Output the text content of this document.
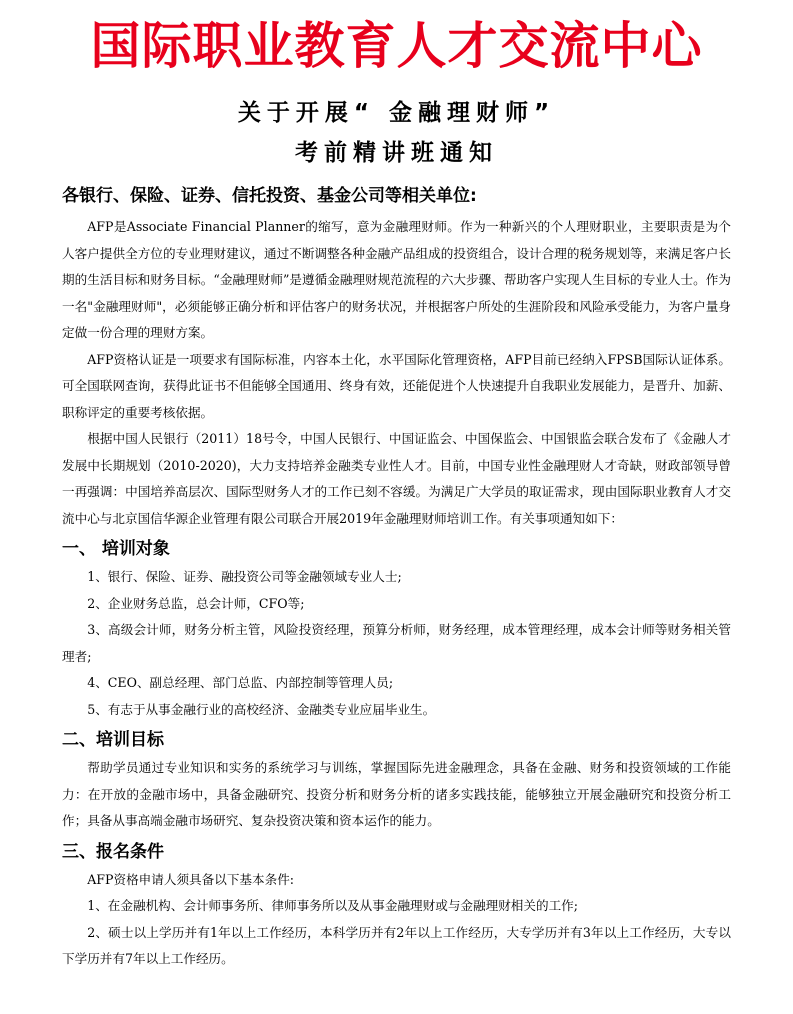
国际职业教育人才交流中心
关于开展“ 金融理财师”
考前精讲班通知
各银行、保险、证券、信托投资、基金公司等相关单位:

AFP是Associate Financial Planner的缩写，意为金融理财师。作为一种新兴的个人理财职业，主要职责是为个人客户提供全方位的专业理财建议，通过不断调整各种金融产品组成的投资组合，设计合理的税务规划等，来满足客户长期的生活目标和财务目标。“金融理财师”是遵循金融理财规范流程的六大步骤、帮助客户实现人生目标的专业人士。作为一名"金融理财师"，必须能够正确分析和评估客户的财务状况，并根据客户所处的生涯阶段和风险承受能力，为客户量身定做一份合理的理财方案。

AFP资格认证是一项要求有国际标准，内容本土化，水平国际化管理资格，AFP目前已经纳入FPSB国际认证体系。可全国联网查询，获得此证书不但能够全国通用、终身有效，还能促进个人快速提升自我职业发展能力，是晋升、加薪、职称评定的重要考核依据。

根据中国人民银行（2011）18号令，中国人民银行、中国证监会、中国保监会、中国银监会联合发布了《金融人才发展中长期规划（2010-2020)，大力支持培养金融类专业性人才。目前，中国专业性金融理财人才奇缺，财政部领导曾一再强调：中国培养高层次、国际型财务人才的工作已刻不容缓。为满足广大学员的取证需求，现由国际职业教育人才交流中心与北京国信华源企业管理有限公司联合开展2019年金融理财师培训工作。有关事项通知如下：

一、 培训对象

1、银行、保险、证券、融投资公司等金融领域专业人士;

2、企业财务总监，总会计师，CFO等;

3、高级会计师，财务分析主管，风险投资经理，预算分析师，财务经理，成本管理经理，成本会计师等财务相关管理者;

4、CEO、副总经理、部门总监、内部控制等管理人员;

5、有志于从事金融行业的高校经济、金融类专业应届毕业生。

二、培训目标

帮助学员通过专业知识和实务的系统学习与训练，掌握国际先进金融理念，具备在金融、财务和投资领域的工作能力：在开放的金融市场中，具备金融研究、投资分析和财务分析的诸多实践技能，能够独立开展金融研究和投资分析工作；具备从事高端金融市场研究、复杂投资决策和资本运作的能力。

三、报名条件

AFP资格申请人须具备以下基本条件:

1、在金融机构、会计师事务所、律师事务所以及从事金融理财或与金融理财相关的工作;

2、硕士以上学历并有1年以上工作经历，本科学历并有2年以上工作经历，大专学历并有3年以上工作经历，大专以下学历并有7年以上工作经历。
